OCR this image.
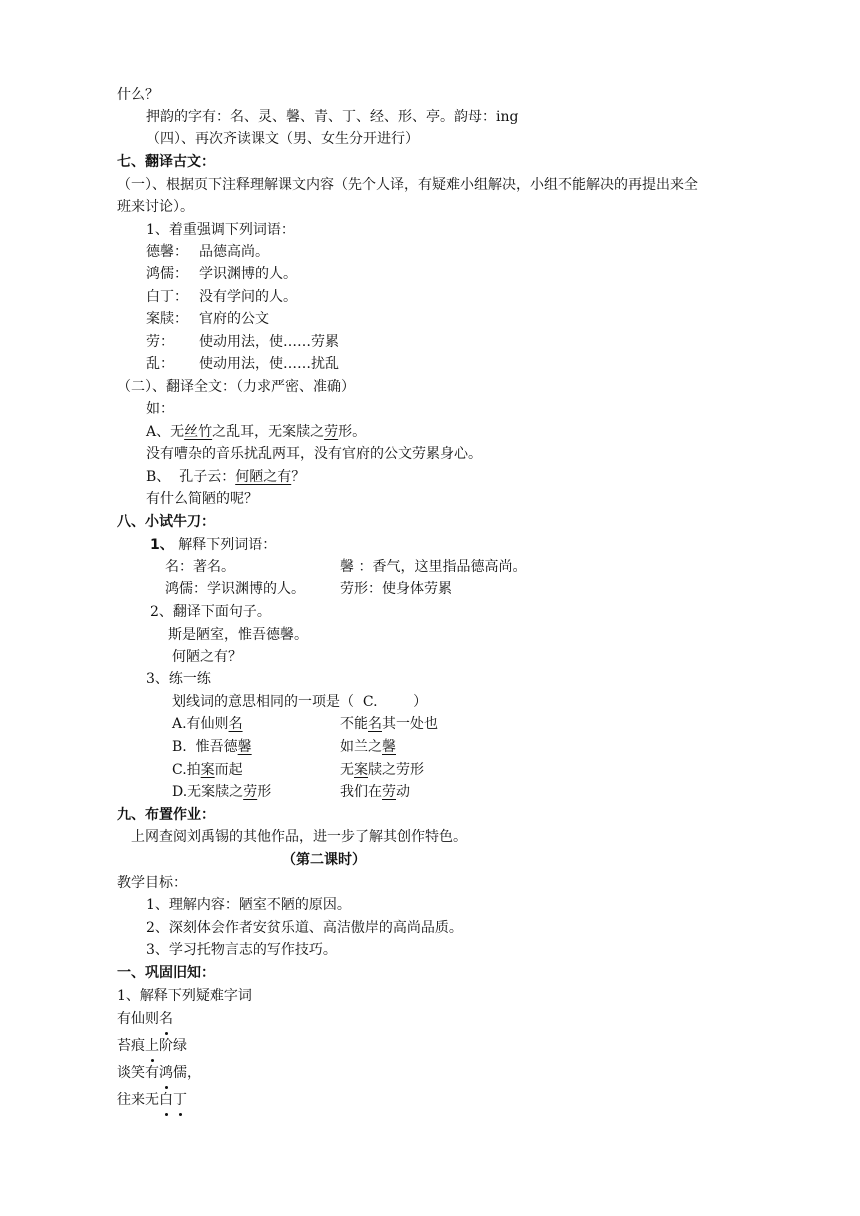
什么？
押韵的字有：名、灵、馨、青、丁、经、形、亭。韵母：ing
（四）、再次齐读课文（男、女生分开进行）
七、翻译古文：
（一）、根据页下注释理解课文内容（先个人译，有疑难小组解决，小组不能解决的再提出来全
班来讨论）。
1、着重强调下列词语：
德馨： 品德高尚。
鸿儒： 学识渊博的人。
白丁： 没有学问的人。
案牍： 官府的公文
劳： 使动用法，使……劳累
乱： 使动用法，使……扰乱
（二）、翻译全文：（力求严密、准确）
如：
A、无丝竹之乱耳，无案牍之劳形。
没有嘈杂的音乐扰乱两耳，没有官府的公文劳累身心。
B、  孔子云：何陋之有？
有什么简陋的呢？
八、小试牛刀：
1、 解释下列词语：
名：著名。	馨 ：香气，这里指品德高尚。
鸿儒：学识渊博的人。	劳形：使身体劳累
2、翻译下面句子。
斯是陋室，惟吾德馨。
何陋之有？
3、练一练
划线词的意思相同的一项是（  C.        ）
A.有仙则名	不能名其一处也
B.  惟吾德馨	如兰之馨
C.拍案而起	无案牍之劳形
D.无案牍之劳形	我们在劳动
九、布置作业：
上网查阅刘禹锡的其他作品，进一步了解其创作特色。
（第二课时）
教学目标：
1、理解内容：陋室不陋的原因。
2、深刻体会作者安贫乐道、高洁傲岸的高尚品质。
3、学习托物言志的写作技巧。
一、巩固旧知：
1、解释下列疑难字词
有仙则名
苔痕上阶绿
谈笑有鸿儒，
往来无白丁
